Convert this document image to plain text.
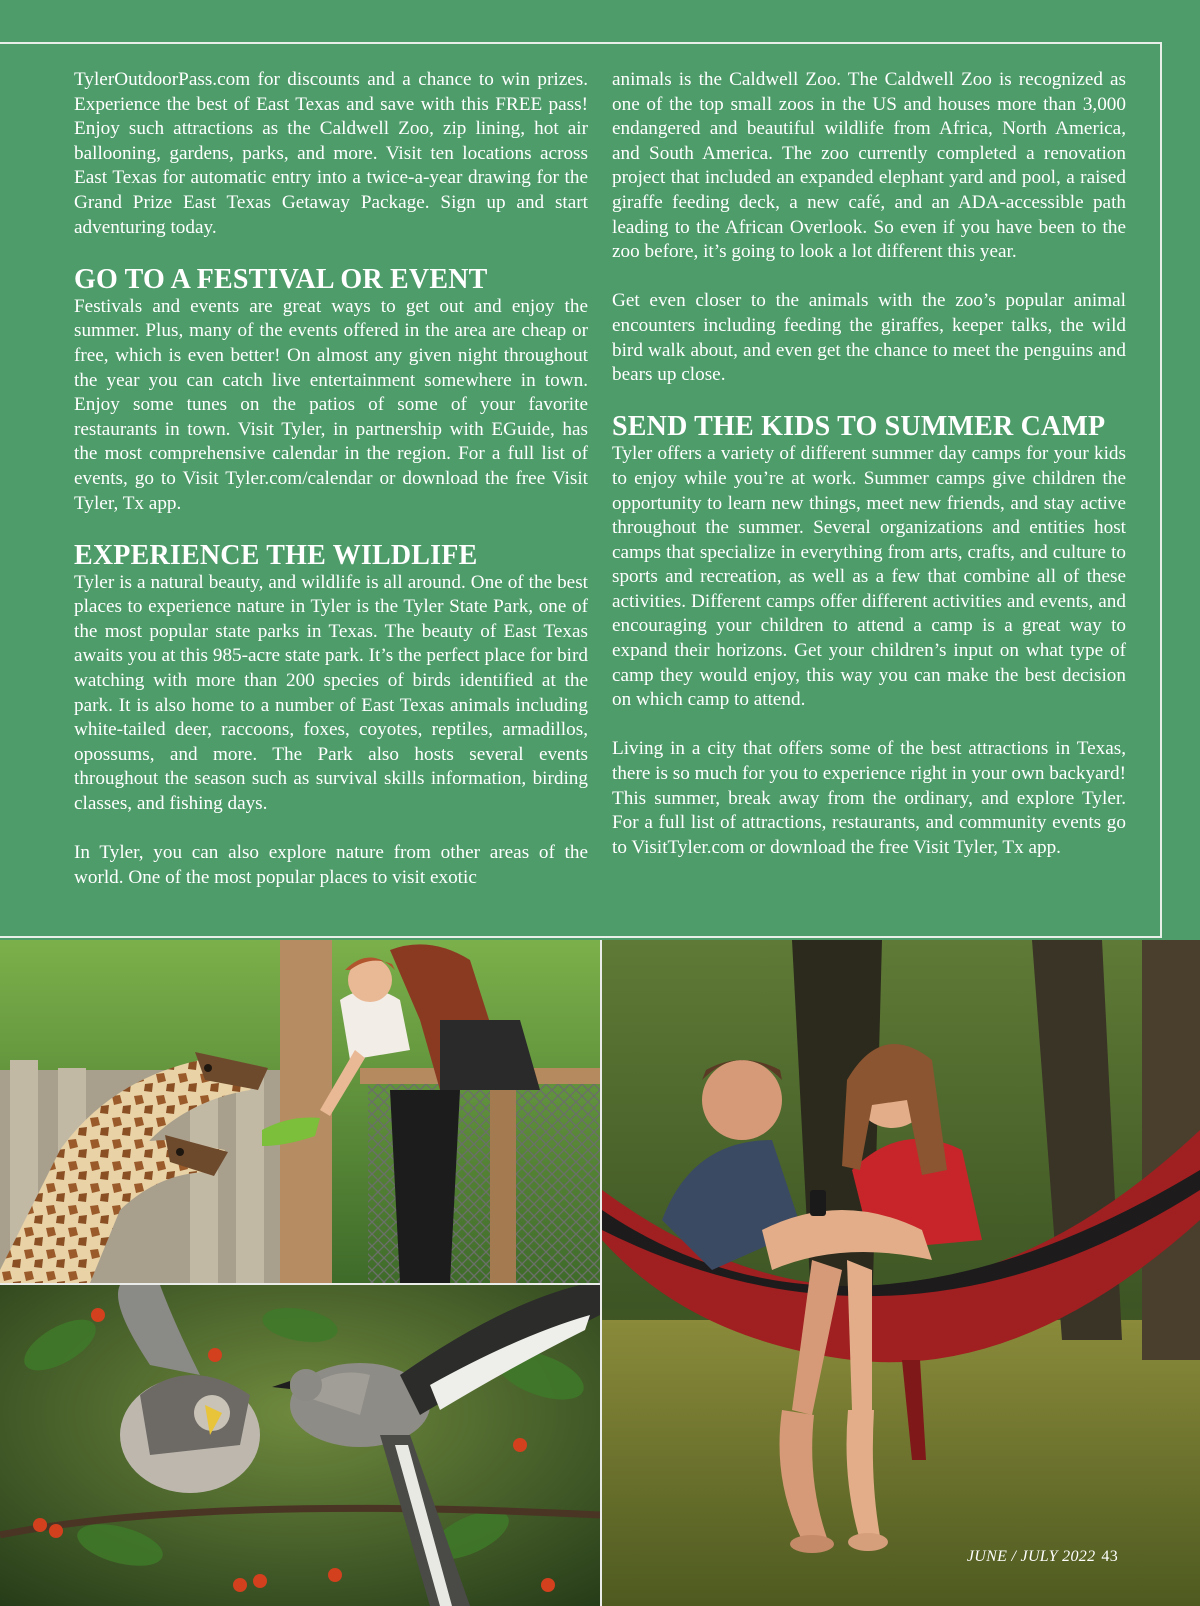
TylerOutdoorPass.com for discounts and a chance to win prizes. Experience the best of East Texas and save with this FREE pass! Enjoy such attractions as the Caldwell Zoo, zip lining, hot air ballooning, gardens, parks, and more. Visit ten locations across East Texas for automatic entry into a twice-a-year drawing for the Grand Prize East Texas Getaway Package. Sign up and start adventuring today.

GO TO A FESTIVAL OR EVENT

Festivals and events are great ways to get out and enjoy the summer. Plus, many of the events offered in the area are cheap or free, which is even better! On almost any given night throughout the year you can catch live entertainment somewhere in town. Enjoy some tunes on the patios of some of your favorite restaurants in town. Visit Tyler, in partnership with EGuide, has the most comprehensive calendar in the region. For a full list of events, go to Visit Tyler.com/calendar or download the free Visit Tyler, Tx app.

EXPERIENCE THE WILDLIFE

Tyler is a natural beauty, and wildlife is all around. One of the best places to experience nature in Tyler is the Tyler State Park, one of the most popular state parks in Texas. The beauty of East Texas awaits you at this 985-acre state park. It’s the perfect place for bird watching with more than 200 species of birds identified at the park. It is also home to a number of East Texas animals including white-tailed deer, raccoons, foxes, coyotes, reptiles, armadillos, opossums, and more. The Park also hosts several events throughout the season such as survival skills information, birding classes, and fishing days.

In Tyler, you can also explore nature from other areas of the world. One of the most popular places to visit exotic

animals is the Caldwell Zoo. The Caldwell Zoo is recognized as one of the top small zoos in the US and houses more than 3,000 endangered and beautiful wildlife from Africa, North America, and South America. The zoo currently completed a renovation project that included an expanded elephant yard and pool, a raised giraffe feeding deck, a new café, and an ADA-accessible path leading to the African Overlook. So even if you have been to the zoo before, it’s going to look a lot different this year.

Get even closer to the animals with the zoo’s popular animal encounters including feeding the giraffes, keeper talks, the wild bird walk about, and even get the chance to meet the penguins and bears up close.

SEND THE KIDS TO SUMMER CAMP

Tyler offers a variety of different summer day camps for your kids to enjoy while you’re at work. Summer camps give children the opportunity to learn new things, meet new friends, and stay active throughout the summer. Several organizations and entities host camps that specialize in everything from arts, crafts, and culture to sports and recreation, as well as a few that combine all of these activities. Different camps offer different activities and events, and encouraging your children to attend a camp is a great way to expand their horizons. Get your children’s input on what type of camp they would enjoy, this way you can make the best decision on which camp to attend.

Living in a city that offers some of the best attractions in Texas, there is so much for you to experience right in your own backyard! This summer, break away from the ordinary, and explore Tyler. For a full list of attractions, restaurants, and community events go to VisitTyler.com or download the free Visit Tyler, Tx app.

JUNE / JULY 2022 43
